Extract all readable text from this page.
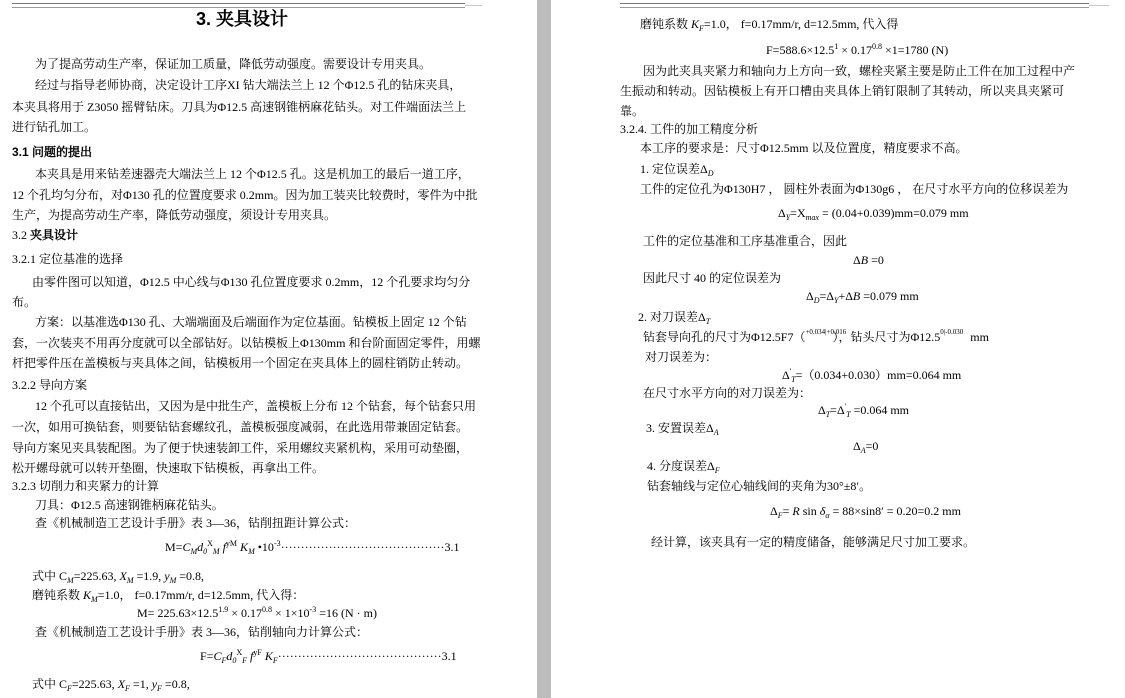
3. 夹具设计
为了提高劳动生产率，保证加工质量，降低劳动强度。需要设计专用夹具。
经过与指导老师协商，决定设计工序XI 钻大端法兰上 12 个Φ12.5 孔的钻床夹具，
本夹具将用于 Z3050 摇臂钻床。刀具为Φ12.5 高速钢锥柄麻花钻头。对工件端面法兰上
进行钻孔加工。
3.1 问题的提出
本夹具是用来钻差速器壳大端法兰上 12 个Φ12.5 孔。这是机加工的最后一道工序，
12 个孔均匀分布，对Φ130 孔的位置度要求 0.2mm。因为加工装夹比较费时，零件为中批
生产，为提高劳动生产率，降低劳动强度，须设计专用夹具。
3.2 夹具设计
3.2.1 定位基准的选择
由零件图可以知道，Φ12.5 中心线与Φ130 孔位置度要求 0.2mm，12 个孔要求均匀分
布。
方案：以基准选Φ130 孔、大端端面及后端面作为定位基面。钻模板上固定 12 个钻
套，一次装夹不用再分度就可以全部钻好。以钻模板上Φ130mm 和台阶面固定零件，用螺
杆把零件压在盖模板与夹具体之间，钻模板用一个固定在夹具体上的圆柱销防止转动。
3.2.2 导向方案
12 个孔可以直接钻出，又因为是中批生产，盖模板上分布 12 个钻套，每个钻套只用
一次，如用可换钻套，则要钻钻套螺纹孔，盖模板强度减弱，在此选用带兼固定钻套。
导向方案见夹具装配图。为了便于快速装卸工件，采用螺纹夹紧机构，采用可动垫圈，
松开螺母就可以转开垫圈，快速取下钻模板，再拿出工件。
3.2.3 切削力和夹紧力的计算
刀具：Φ12.5 高速钢锥柄麻花钻头。
查《机械制造工艺设计手册》表 3—36，钻削扭距计算公式：
$M=C_Md_0^X_M$ $f^{yM}$ $K_M$ $•10^{-3}\cdot\cdot\cdot\cdot\cdot\cdot\cdot\cdot\cdot\cdot\cdot\cdot\cdot\cdot\cdot\cdot\cdot\cdot\cdot\cdot\cdot\cdot\cdot\cdot\cdot\cdot\cdot\cdot\cdot\cdot\cdot\cdot\cdot\cdot\cdot\cdot\cdot\cdot\cdot\cdot\cdot 3.1$
式中 $C_M=225.63$, $X_M =1.9$, $y_M =0.8$,
磨钝系数 $K_M=1.0$， f=0.17mm/r, d=12.5mm, 代入得：
$M= 225.63\times 12.5^{1.9} \times 0.17^{0.8} \times 1\times 10^{-3} =16$ (N · m)
查《机械制造工艺设计手册》表 3—36，钻削轴向力计算公式：
$F=C_Fd_0^X_F$ $f^{yF}$ $K_F\cdot\cdot\cdot\cdot\cdot\cdot\cdot\cdot\cdot\cdot\cdot\cdot\cdot\cdot\cdot\cdot\cdot\cdot\cdot\cdot\cdot\cdot\cdot\cdot\cdot\cdot\cdot\cdot\cdot\cdot\cdot\cdot\cdot\cdot\cdot\cdot\cdot\cdot\cdot\cdot\cdot 3.1$
式中 $C_F=225.63$, $X_F =1$, $y_F =0.8$,
磨钝系数 $K_F=1.0$， f=0.17mm/r, d=12.5mm, 代入得
$F=588.6\times 12.5^1 \times 0.17^{0.8} \times 1=1780$ (N)
因为此夹具夹紧力和轴向力上方向一致，螺栓夹紧主要是防止工件在加工过程中产
生振动和转动。因钻模板上有开口槽由夹具体上销钉限制了其转动，所以夹具夹紧可
靠。
3.2.4. 工件的加工精度分析
本工序的要求是：尺寸Φ12.5mm 以及位置度，精度要求不高。
1. 定位误差$\Delta_D$
工件的定位孔为Φ130H7 ， 圆柱外表面为Φ130g6 ， 在尺寸水平方向的位移误差为
$\Delta_Y=X_{max} = (0.04+0.039)mm=0.079$ mm
工件的定位基准和工序基准重合，因此
ΔB =0
因此尺寸 40 的定位误差为
$\Delta_D=\Delta_Y+\Delta B =0.079$ mm
2. 对刀误差$\Delta_T$
钻套导向孔的尺寸为Φ12.5F7（+0.034|+0.016），钻头尺寸为Φ12.50|-0.030 mm
对刀误差为：
$\Delta'_T=(0.034+0.030)mm=0.064$ mm
在尺寸水平方向的对刀误差为：
$\Delta_T=\Delta'_T =0.064$ mm
3. 安置误差$\Delta_A$
$\Delta_A=0$
4. 分度误差$\Delta_F$
钻套轴线与定位心轴线间的夹角为30°±8′。
$\Delta_F= R$ $\sin \delta_\alpha = 88\times\sin 8' = 0.20=0.2$ mm
经计算，该夹具有一定的精度储备，能够满足尺寸加工要求。
